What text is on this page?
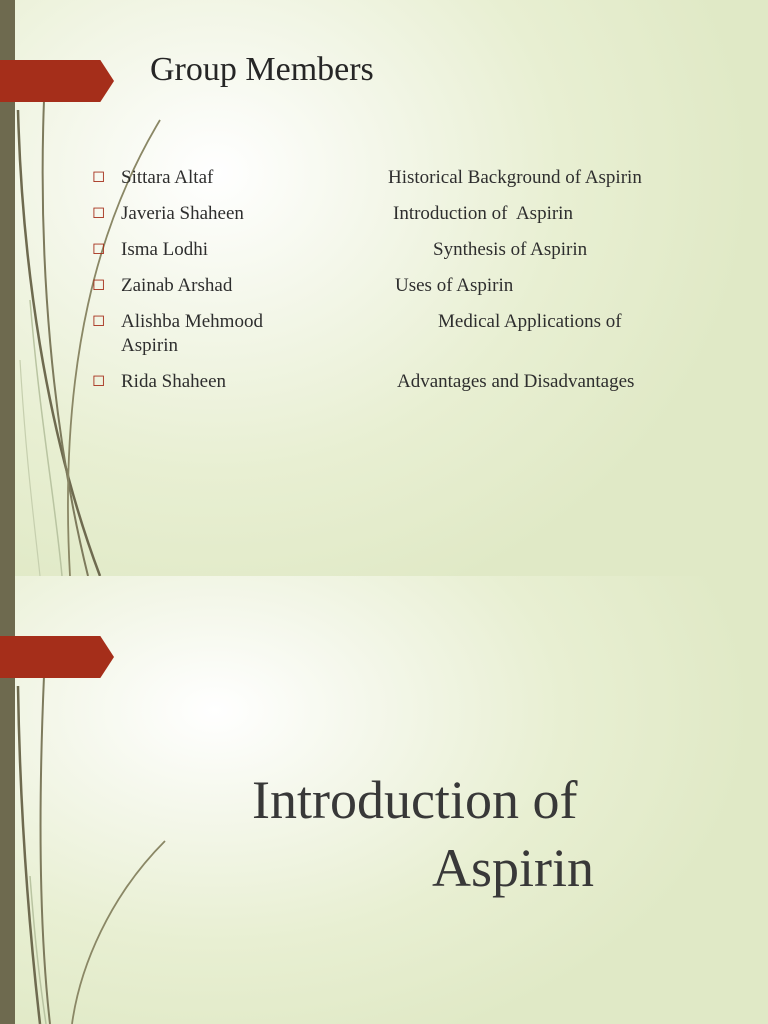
Group Members
◻ Sittara Altaf	Historical Background of Aspirin
◻ Javeria Shaheen	Introduction of  Aspirin
◻ Isma Lodhi	Synthesis of Aspirin
◻ Zainab Arshad	Uses of Aspirin
◻ Alishba Mehmood	Medical Applications of
Aspirin
◻ Rida Shaheen	Advantages and Disadvantages
Introduction of
Aspirin
